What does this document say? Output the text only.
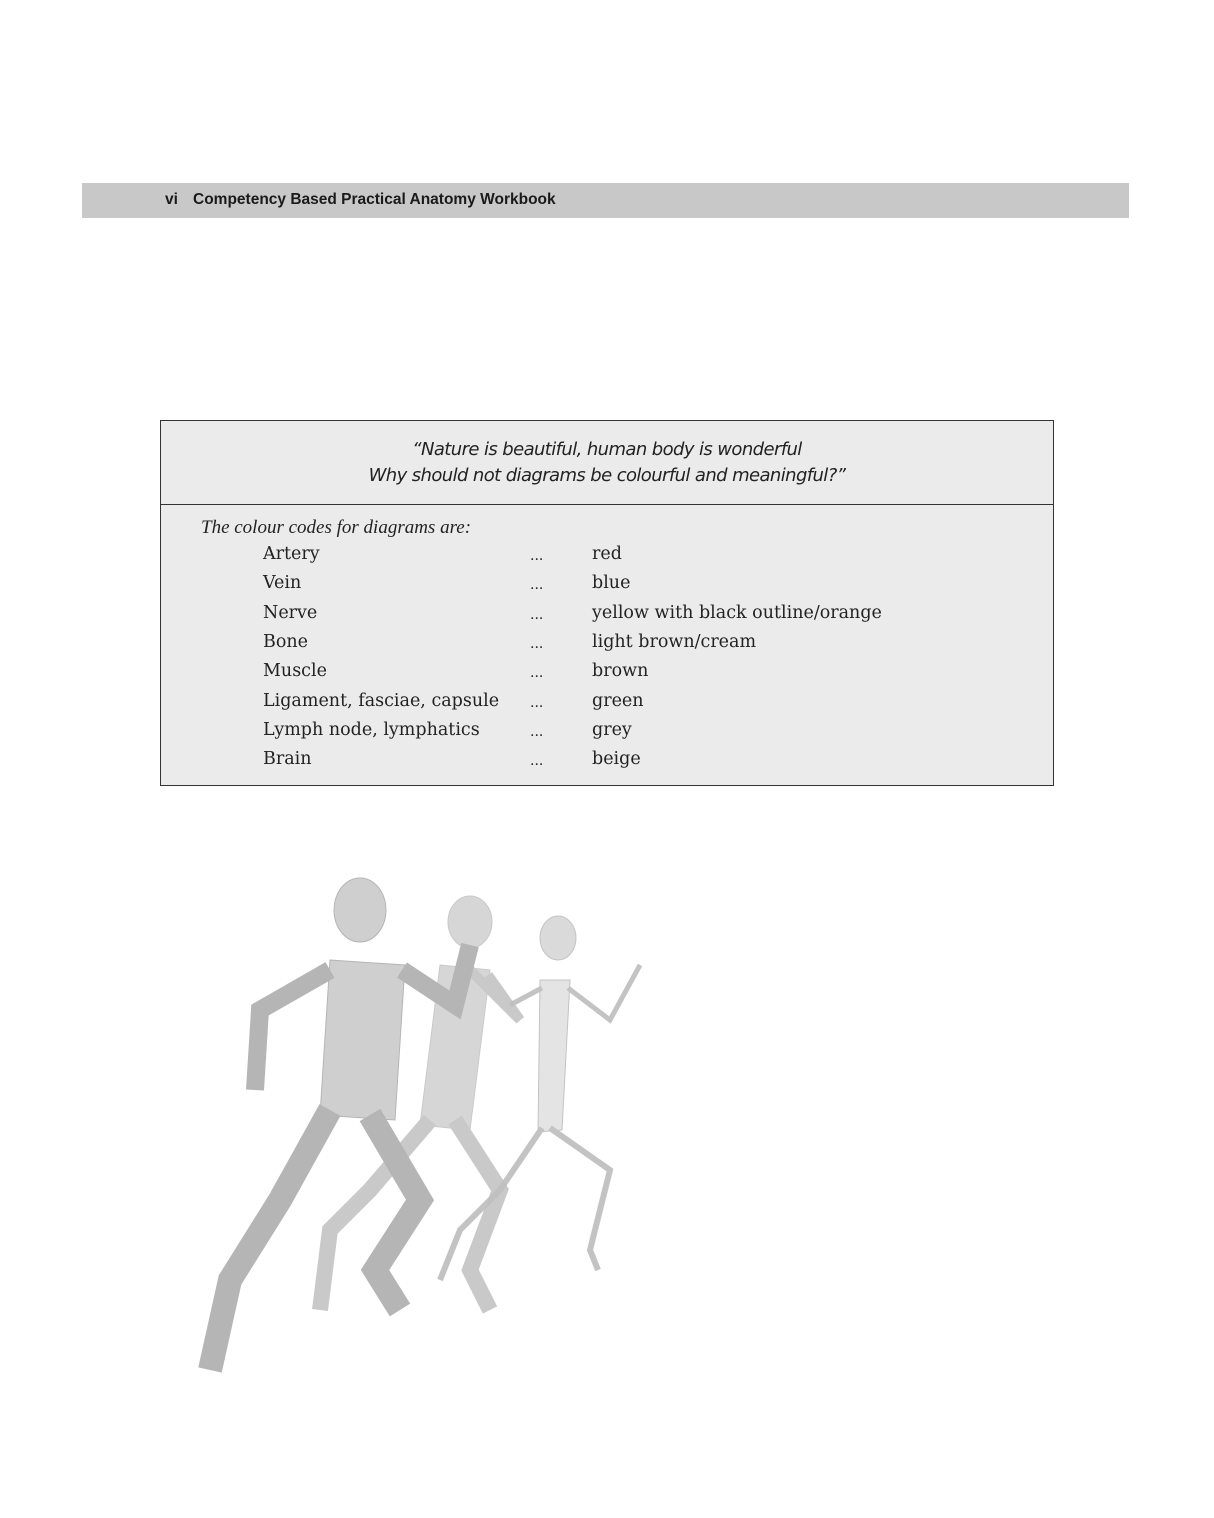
vi Competency Based Practical Anatomy Workbook
“Nature is beautiful, human body is wonderful
Why should not diagrams be colourful and meaningful?”
The colour codes for diagrams are:
Artery	...	red
Vein	...	blue
Nerve	...	yellow with black outline/orange
Bone	...	light brown/cream
Muscle	...	brown
Ligament, fasciae, capsule ...	green
Lymph node, lymphatics	...	grey
Brain	...	beige
